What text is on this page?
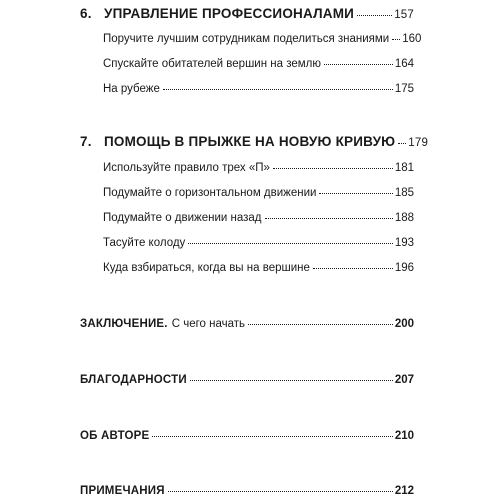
6. УПРАВЛЕНИЕ ПРОФЕССИОНАЛАМИ	157
Поручите лучшим сотрудникам поделиться знаниями 160
Спускайте обитателей вершин на землю	164
На рубеже	175
7. ПОМОЩЬ В ПРЫЖКЕ НА НОВУЮ КРИВУЮ 179
Используйте правило трех «П»	181
Подумайте о горизонтальном движении	185
Подумайте о движении назад	188
Тасуйте колоду	193
Куда взбираться, когда вы на вершине	196
ЗАКЛЮЧЕНИЕ. С чего начать	200
БЛАГОДАРНОСТИ	207
ОБ АВТОРЕ	210
ПРИМЕЧАНИЯ	212
